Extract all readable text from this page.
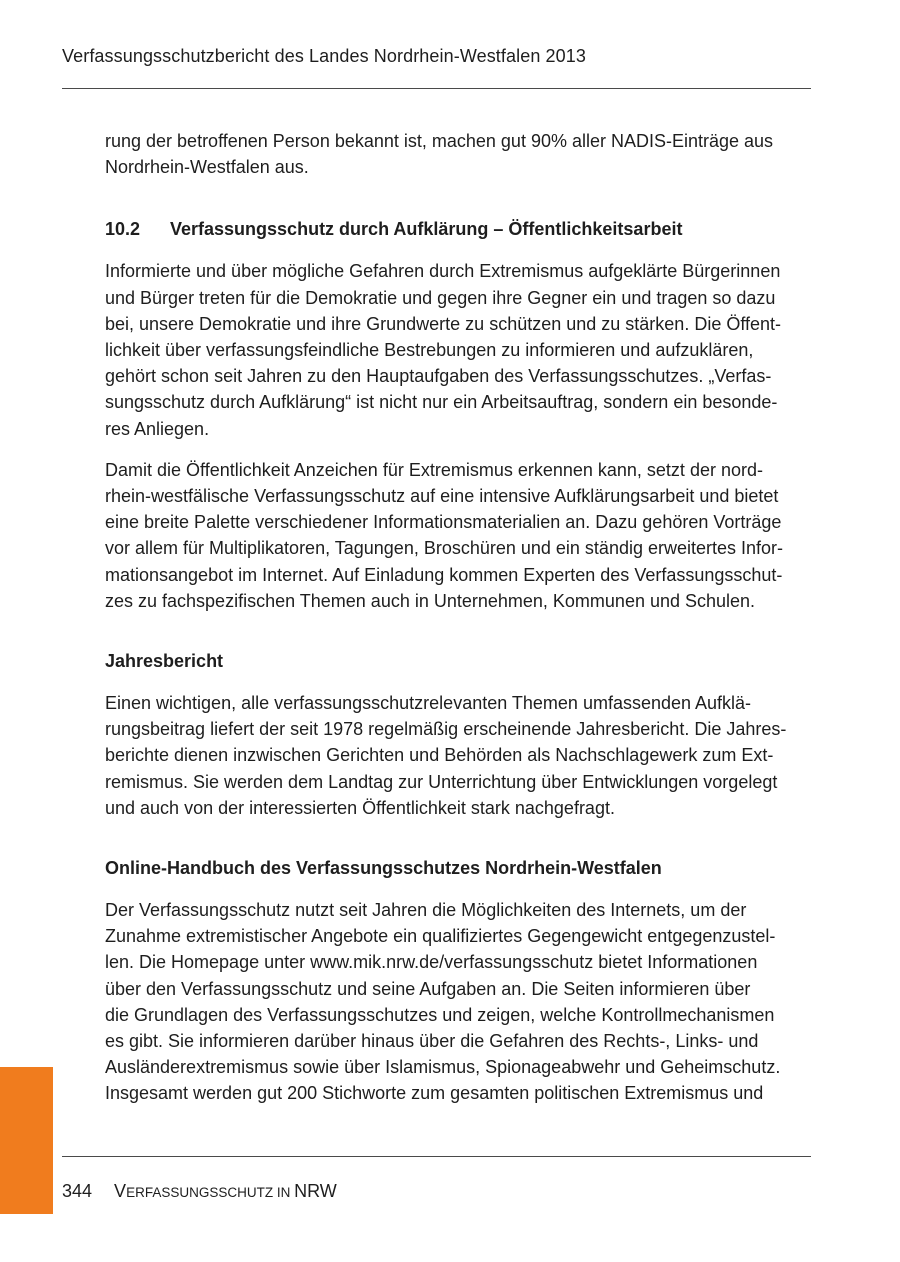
Verfassungsschutzbericht des Landes Nordrhein-Westfalen 2013

rung der betroffenen Person bekannt ist, machen gut 90% aller NADIS-Einträge aus
Nordrhein-Westfalen aus.

10.2 Verfassungsschutz durch Aufklärung – Öffentlichkeitsarbeit

Informierte und über mögliche Gefahren durch Extremismus aufgeklärte Bürgerinnen
und Bürger treten für die Demokratie und gegen ihre Gegner ein und tragen so dazu
bei, unsere Demokratie und ihre Grundwerte zu schützen und zu stärken. Die Öffent-
lichkeit über verfassungsfeindliche Bestrebungen zu informieren und aufzuklären,
gehört schon seit Jahren zu den Hauptaufgaben des Verfassungsschutzes. „Verfas-
sungsschutz durch Aufklärung“ ist nicht nur ein Arbeitsauftrag, sondern ein besonde-
res Anliegen.

Damit die Öffentlichkeit Anzeichen für Extremismus erkennen kann, setzt der nord-
rhein-westfälische Verfassungsschutz auf eine intensive Aufklärungsarbeit und bietet
eine breite Palette verschiedener Informationsmaterialien an. Dazu gehören Vorträge
vor allem für Multiplikatoren, Tagungen, Broschüren und ein ständig erweitertes Infor-
mationsangebot im Internet. Auf Einladung kommen Experten des Verfassungsschut-
zes zu fachspezifischen Themen auch in Unternehmen, Kommunen und Schulen.

Jahresbericht

Einen wichtigen, alle verfassungsschutzrelevanten Themen umfassenden Aufklä-
rungsbeitrag liefert der seit 1978 regelmäßig erscheinende Jahresbericht. Die Jahres-
berichte dienen inzwischen Gerichten und Behörden als Nachschlagewerk zum Ext-
remismus. Sie werden dem Landtag zur Unterrichtung über Entwicklungen vorgelegt
und auch von der interessierten Öffentlichkeit stark nachgefragt.

Online-Handbuch des Verfassungsschutzes Nordrhein-Westfalen

Der Verfassungsschutz nutzt seit Jahren die Möglichkeiten des Internets, um der
Zunahme extremistischer Angebote ein qualifiziertes Gegengewicht entgegenzustel-
len. Die Homepage unter www.mik.nrw.de/verfassungsschutz bietet Informationen
über den Verfassungsschutz und seine Aufgaben an. Die Seiten informieren über
die Grundlagen des Verfassungsschutzes und zeigen, welche Kontrollmechanismen
es gibt. Sie informieren darüber hinaus über die Gefahren des Rechts-, Links- und
Ausländerextremismus sowie über Islamismus, Spionageabwehr und Geheimschutz.
Insgesamt werden gut 200 Stichworte zum gesamten politischen Extremismus und

344 VERFASSUNGSSCHUTZ IN NRW
